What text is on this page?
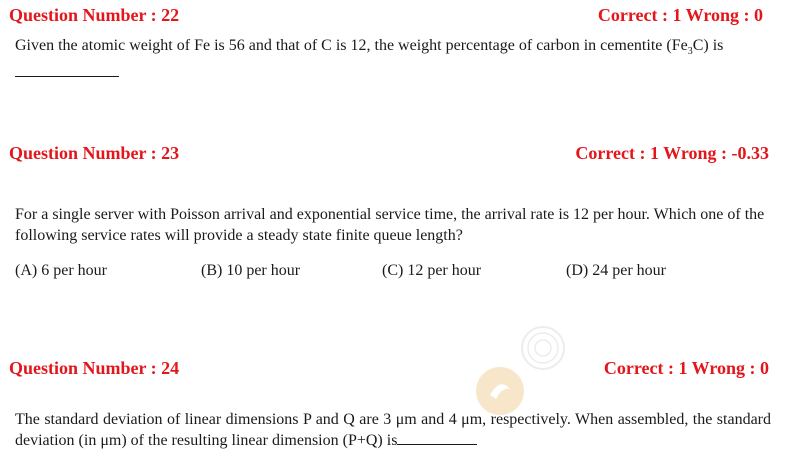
Question Number : 22	Correct : 1 Wrong : 0
Given the atomic weight of Fe is 56 and that of C is 12, the weight percentage of carbon in cementite $(Fe_3C)$ is
Question Number : 23	Correct : 1 Wrong : -0.33
For a single server with Poisson arrival and exponential service time, the arrival rate is 12 per hour. Which one of the following service rates will provide a steady state finite queue length?
(A) 6 per hour	(B) 10 per hour	(C) 12 per hour	(D) 24 per hour
Question Number : 24	Correct : 1 Wrong : 0
The standard deviation of linear dimensions P and Q are 3 μm and 4 μm, respectively. When assembled, the standard deviation (in μm) of the resulting linear dimension (P+Q) is
